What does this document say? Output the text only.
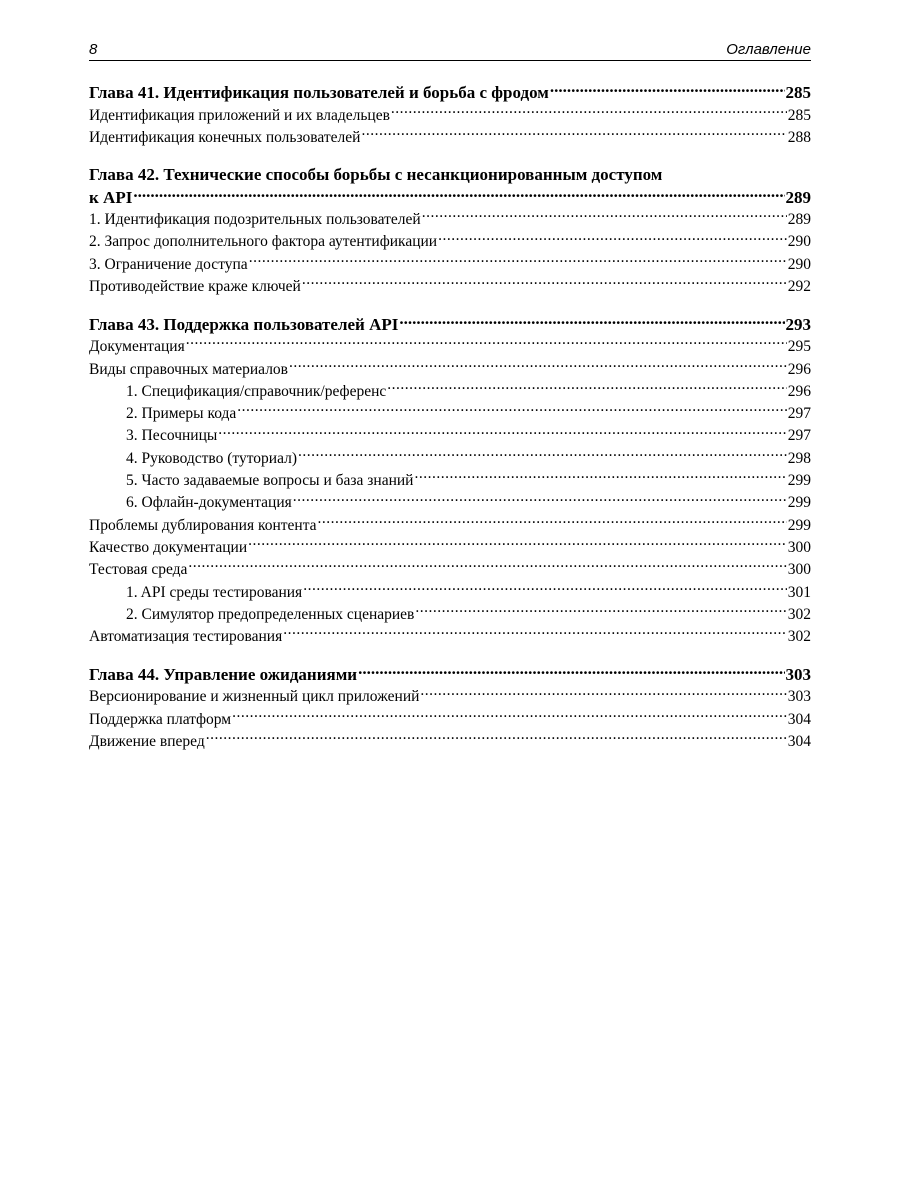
8	Оглавление
Глава 41. Идентификация пользователей и борьба с фродом .....	285
Идентификация приложений и их владельцев .....	285
Идентификация конечных пользователей .....	288
Глава 42. Технические способы борьбы с несанкционированным доступом
к API .....	289
1. Идентификация подозрительных пользователей .....	289
2. Запрос дополнительного фактора аутентификации .....	290
3. Ограничение доступа .....	290
Противодействие краже ключей .....	292
Глава 43. Поддержка пользователей API .....	293
Документация .....	295
Виды справочных материалов .....	296
1. Спецификация/справочник/референс .....	296
2. Примеры кода .....	297
3. Песочницы .....	297
4. Руководство (туториал) .....	298
5. Часто задаваемые вопросы и база знаний .....	299
6. Офлайн-документация .....	299
Проблемы дублирования контента .....	299
Качество документации .....	300
Тестовая среда .....	300
1. API среды тестирования .....	301
2. Симулятор предопределенных сценариев .....	302
Автоматизация тестирования .....	302
Глава 44. Управление ожиданиями .....	303
Версионирование и жизненный цикл приложений .....	303
Поддержка платформ .....	304
Движение вперед .....	304
